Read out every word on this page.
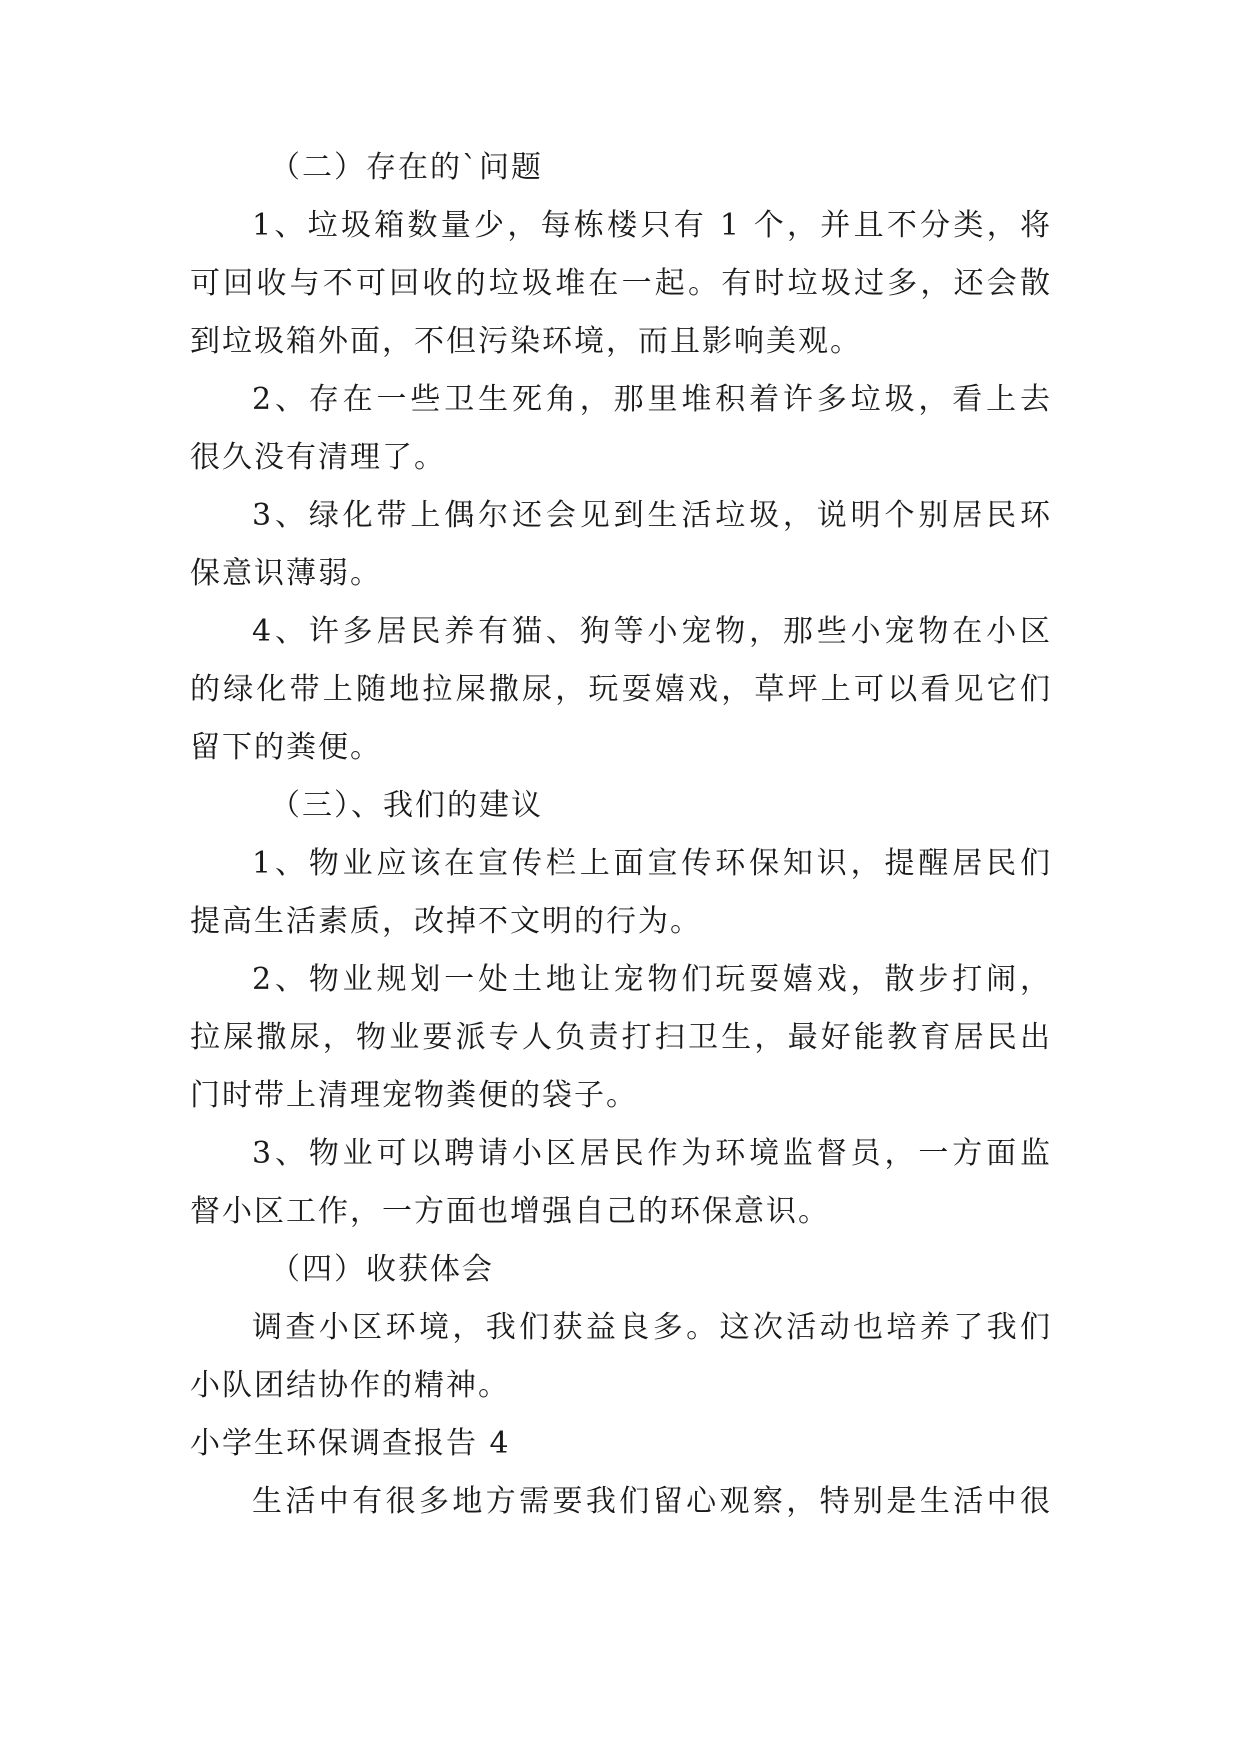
（二）存在的`问题
1、垃圾箱数量少，每栋楼只有 1 个，并且不分类，将
可回收与不可回收的垃圾堆在一起。有时垃圾过多，还会散
到垃圾箱外面，不但污染环境，而且影响美观。
2、存在一些卫生死角，那里堆积着许多垃圾，看上去
很久没有清理了。
3、绿化带上偶尔还会见到生活垃圾，说明个别居民环
保意识薄弱。
4、许多居民养有猫、狗等小宠物，那些小宠物在小区
的绿化带上随地拉屎撒尿，玩耍嬉戏，草坪上可以看见它们
留下的粪便。
（三）、我们的建议
1、物业应该在宣传栏上面宣传环保知识，提醒居民们
提高生活素质，改掉不文明的行为。
2、物业规划一处土地让宠物们玩耍嬉戏，散步打闹，
拉屎撒尿，物业要派专人负责打扫卫生，最好能教育居民出
门时带上清理宠物粪便的袋子。
3、物业可以聘请小区居民作为环境监督员，一方面监
督小区工作，一方面也增强自己的环保意识。
（四）收获体会
调查小区环境，我们获益良多。这次活动也培养了我们
小队团结协作的精神。
小学生环保调查报告 4
生活中有很多地方需要我们留心观察，特别是生活中很
